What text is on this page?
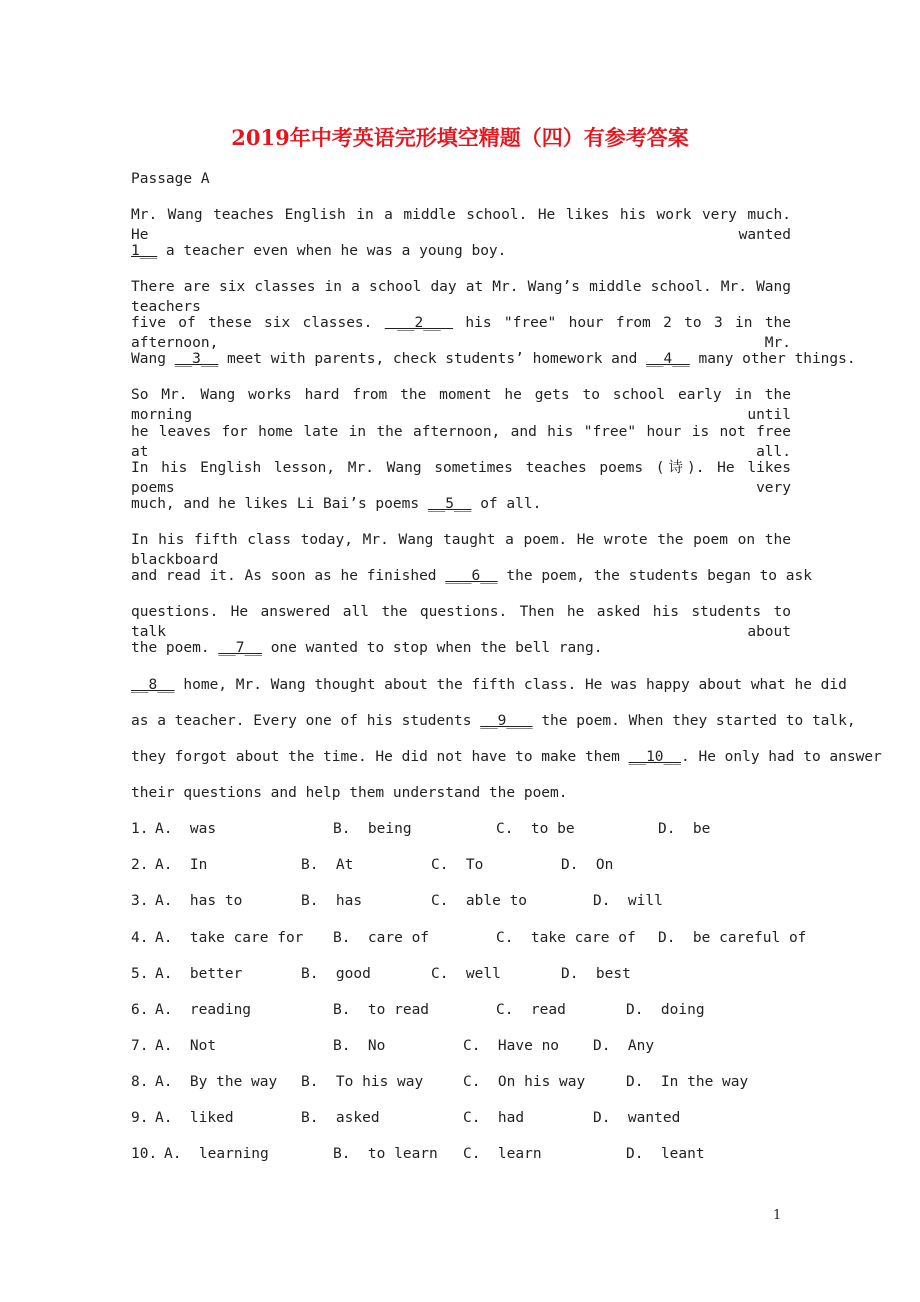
2019年中考英语完形填空精题（四）有参考答案
Passage A
Mr. Wang teaches English in a middle school. He likes his work very much. He wanted
1__ a teacher even when he was a young boy.
There are six classes in a school day at Mr. Wang’s middle school. Mr. Wang teachers
five of these six classes.  __2__  his "free" hour from 2 to 3 in the afternoon, Mr.
Wang __3__ meet with parents, check students’ homework and __4__ many other things.
So Mr. Wang works hard from the moment he gets to school early in the morning until
he leaves for home late in the afternoon, and his "free" hour is not free at all.
In his English lesson, Mr. Wang sometimes teaches poems (诗). He likes poems very
much, and he likes Li Bai’s poems __5__ of all.
In his fifth class today, Mr. Wang taught a poem. He wrote the poem on the blackboard
and read it. As soon as he finished ___6__ the poem, the students began to ask
questions. He answered all the questions. Then he asked his students to talk about
the poem. __7__ one wanted to stop when the bell rang.
__8__ home, Mr. Wang thought about the fifth class. He was happy about what he did
as a teacher. Every one of his students __9___ the poem. When they started to talk,
they forgot about the time. He did not have to make them __10__. He only had to answer
their questions and help them understand the poem.
1. A.  was	B.  being	C.  to be	D.  be
2. A.  In	B.  At	C.  To	D.  On
3. A.  has to	B.  has	C.  able to	D.  will
4. A.  take care for B.  care of	C.  take care of D.  be careful of
5. A.  better	B.  good	C.  well	D.  best
6. A.  reading	B.  to read	C.  read	D.  doing
7. A.  Not	B.  No	C.  Have no D.  Any
8. A.  By the way B.  To his way	C.  On his way	D.  In the way
9. A.  liked	B.  asked	C.  had	D.  wanted
10. A.  learning	B.  to learn C.  learn	D.  leant
1
